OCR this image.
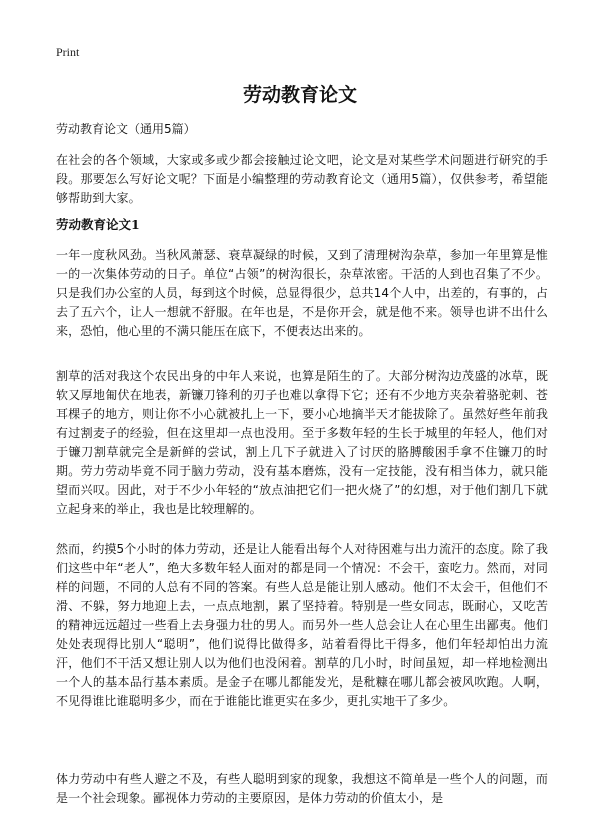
Print
劳动教育论文
劳动教育论文（通用5篇）

在社会的各个领域，大家或多或少都会接触过论文吧，论文是对某些学术问题进行研究的手段。那要怎么写好论文呢？下面是小编整理的劳动教育论文（通用5篇），仅供参考，希望能够帮助到大家。

劳动教育论文1

一年一度秋风劲。当秋风萧瑟、衰草凝绿的时候，又到了清理树沟杂草，参加一年里算是惟一的一次集体劳动的日子。单位“占领”的树沟很长，杂草浓密。干活的人到也召集了不少。只是我们办公室的人员，每到这个时候，总显得很少，总共14个人中，出差的，有事的，占去了五六个，让人一想就不舒服。在年也是，不是你开会，就是他不来。领导也讲不出什么来，恐怕，他心里的不满只能压在底下，不便表达出来的。

割草的活对我这个农民出身的中年人来说，也算是陌生的了。大部分树沟边茂盛的冰草，既软又厚地匍伏在地表，新镰刀锋利的刃子也难以拿得下它；还有不少地方夹杂着骆驼刺、苍耳棵子的地方，则让你不小心就被扎上一下，要小心地摘半天才能拔除了。虽然好些年前我有过割麦子的经验，但在这里却一点也没用。至于多数年轻的生长于城里的年轻人，他们对于镰刀割草就完全是新鲜的尝试，割上几下子就进入了讨厌的胳膊酸困手拿不住镰刀的时期。劳力劳动毕竟不同于脑力劳动，没有基本磨炼，没有一定技能，没有相当体力，就只能望而兴叹。因此，对于不少小年轻的“放点油把它们一把火烧了”的幻想，对于他们割几下就立起身来的举止，我也是比较理解的。

然而，约摸5个小时的体力劳动，还是让人能看出每个人对待困难与出力流汗的态度。除了我们这些中年“老人”，绝大多数年轻人面对的都是同一个情况：不会干，蛮吃力。然而，对同样的问题，不同的人总有不同的答案。有些人总是能让别人感动。他们不太会干，但他们不滑、不躲，努力地迎上去，一点点地割，累了坚持着。特别是一些女同志，既耐心，又吃苦的精神远远超过一些看上去身强力壮的男人。而另外一些人总会让人在心里生出鄙夷。他们处处表现得比别人“聪明”，他们说得比做得多，站着看得比干得多，他们年轻却怕出力流汗，他们不干活又想让别人以为他们也没闲着。割草的几小时，时间虽短，却一样地检测出一个人的基本品行基本素质。是金子在哪儿都能发光，是秕糠在哪儿都会被风吹跑。人啊，不见得谁比谁聪明多少，而在于谁能比谁更实在多少，更扎实地干了多少。

体力劳动中有些人避之不及，有些人聪明到家的现象，我想这不简单是一些个人的问题，而是一个社会现象。鄙视体力劳动的主要原因，是体力劳动的价值太小，是
